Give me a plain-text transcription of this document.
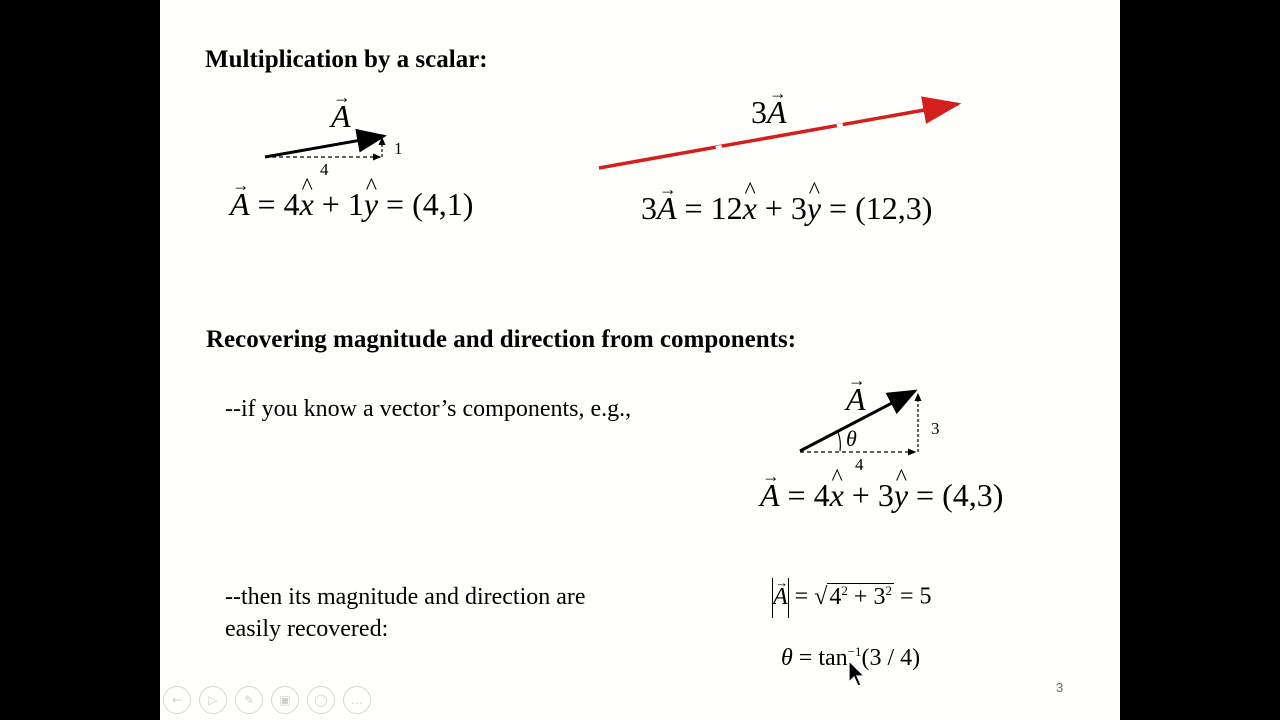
Multiplication by a scalar:
Recovering magnitude and direction from components:
--if you know a vector’s components, e.g.,
--then its magnitude and direction are
easily recovered:
A →
1
4
3A →
A →
θ	3
4
A → = 4x ^ + 1y ^ = (4,1)	3A → = 12x ^ + 3y ^ = (12,3)
A → = 4x ^ + 3y ^ = (4,3)
A → = $√4^2 + 3^2 = 5$
$\theta = \tan^{-1}(3 / 4)$
3
←	▷	✎	▣	◯	…
